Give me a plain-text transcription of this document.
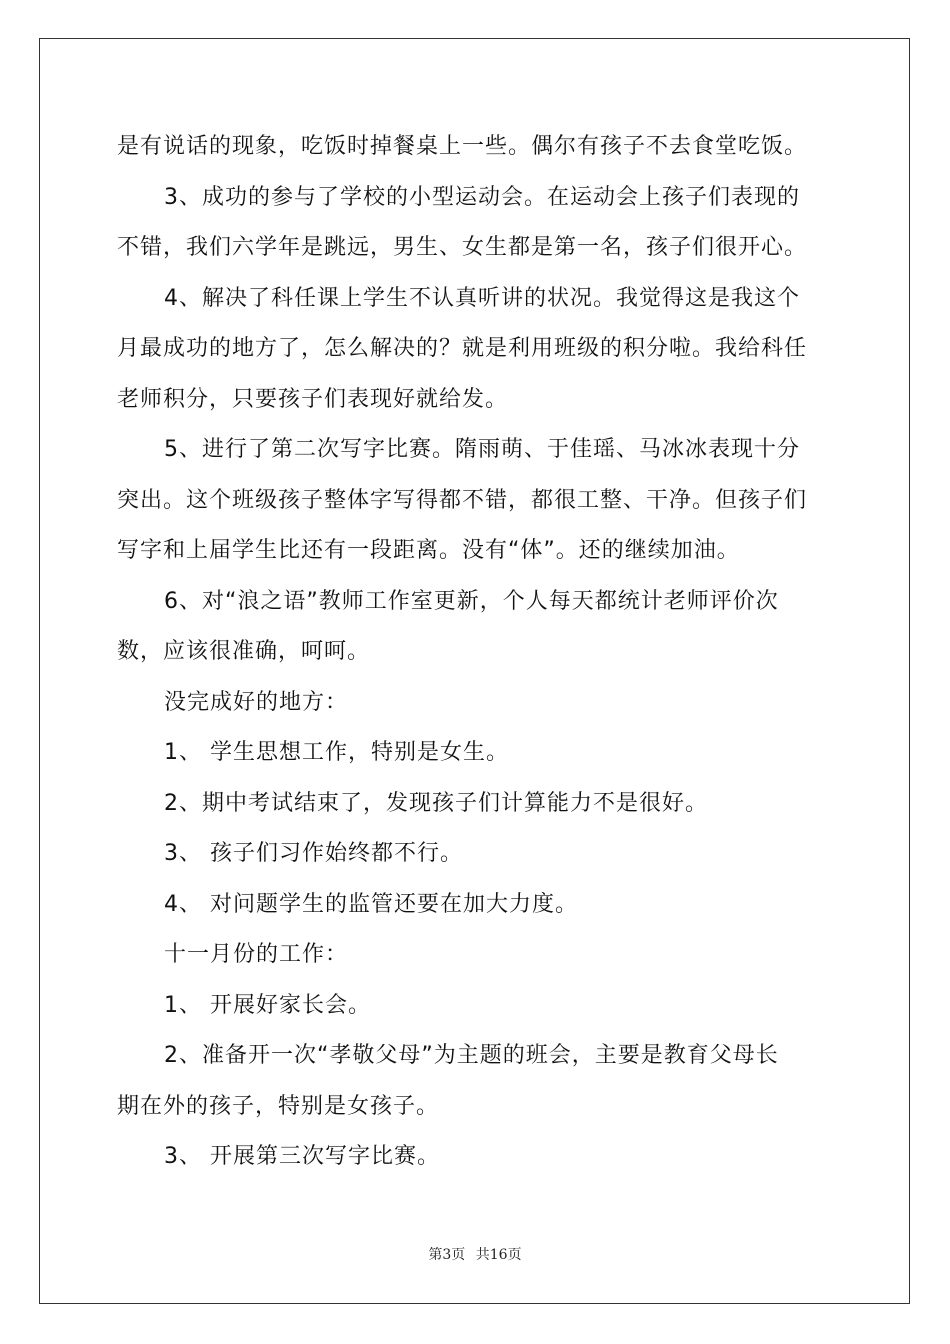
是有说话的现象，吃饭时掉餐桌上一些。偶尔有孩子不去食堂吃饭。

3、成功的参与了学校的小型运动会。在运动会上孩子们表现的

不错，我们六学年是跳远，男生、女生都是第一名，孩子们很开心。

4、解决了科任课上学生不认真听讲的状况。我觉得这是我这个

月最成功的地方了，怎么解决的？就是利用班级的积分啦。我给科任

老师积分，只要孩子们表现好就给发。

5、进行了第二次写字比赛。隋雨萌、于佳瑶、马冰冰表现十分

突出。这个班级孩子整体字写得都不错，都很工整、干净。但孩子们

写字和上届学生比还有一段距离。没有“体”。还的继续加油。

6、对“浪之语”教师工作室更新，个人每天都统计老师评价次

数，应该很准确，呵呵。

没完成好的地方：

1、 学生思想工作，特别是女生。

2、期中考试结束了，发现孩子们计算能力不是很好。

3、 孩子们习作始终都不行。

4、 对问题学生的监管还要在加大力度。

十一月份的工作：

1、 开展好家长会。

2、准备开一次“孝敬父母”为主题的班会，主要是教育父母长

期在外的孩子，特别是女孩子。

3、 开展第三次写字比赛。

第3页 共16页
